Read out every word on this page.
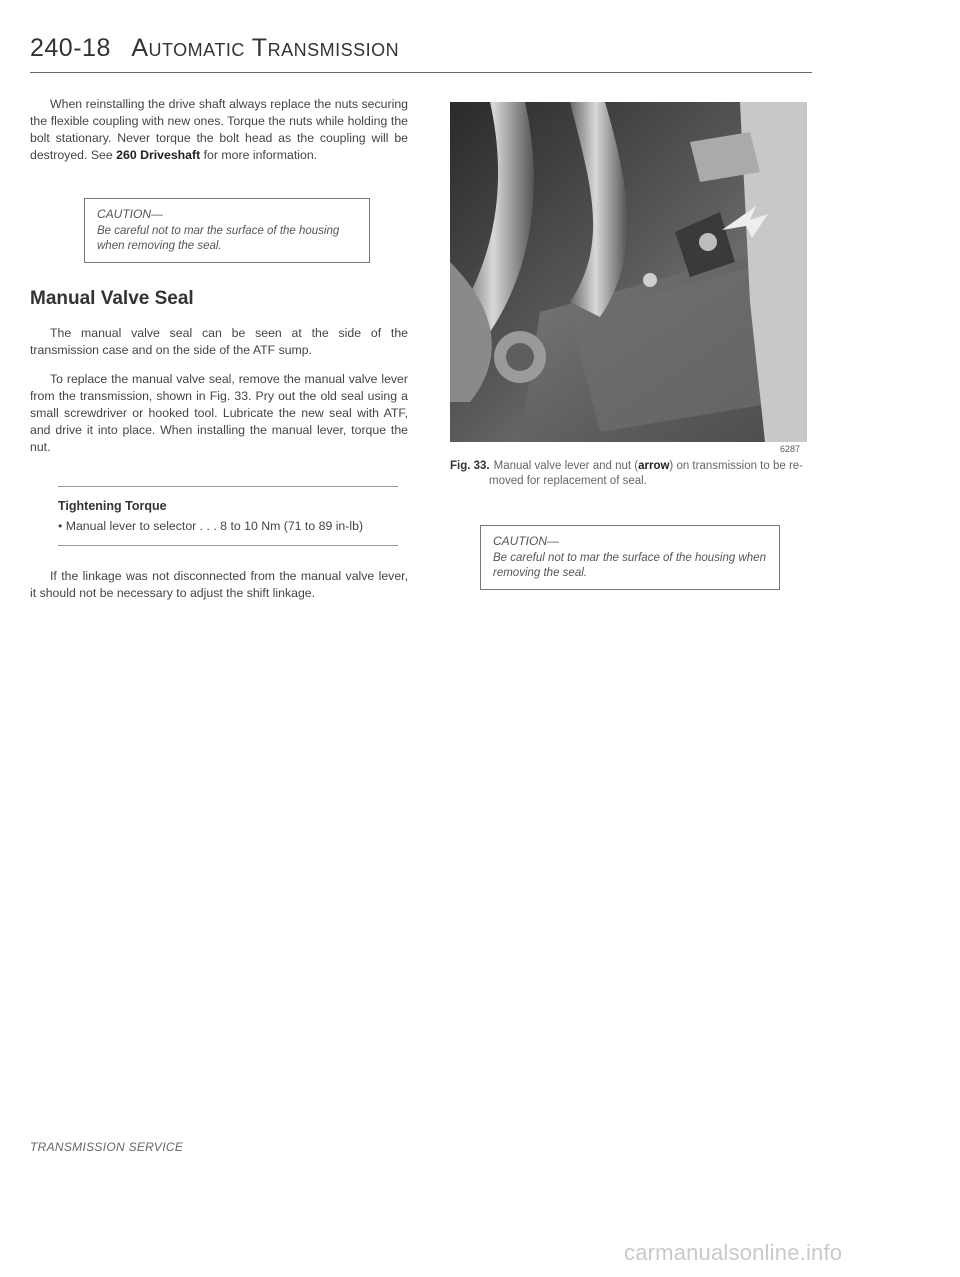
240-18 Automatic Transmission

When reinstalling the drive shaft always replace the nuts securing the flexible coupling with new ones. Torque the nuts while holding the bolt stationary. Never torque the bolt head as the coupling will be destroyed. See 260 Driveshaft for more information.

CAUTION—
Be careful not to mar the surface of the housing when removing the seal.
Manual Valve Seal

The manual valve seal can be seen at the side of the transmission case and on the side of the ATF sump.

To replace the manual valve seal, remove the manual valve lever from the transmission, shown in Fig. 33. Pry out the old seal using a small screwdriver or hooked tool. Lubricate the new seal with ATF, and drive it into place. When installing the manual lever, torque the nut.

Tightening Torque
• Manual lever to selector . . . 8 to 10 Nm (71 to 89 in-lb)

If the linkage was not disconnected from the manual valve lever, it should not be necessary to adjust the shift linkage.

6287
Fig. 33. Manual valve lever and nut (arrow) on transmission to be re-
moved for replacement of seal.
CAUTION—
Be careful not to mar the surface of the housing when removing the seal.
TRANSMISSION SERVICE
carmanualsonline.info
